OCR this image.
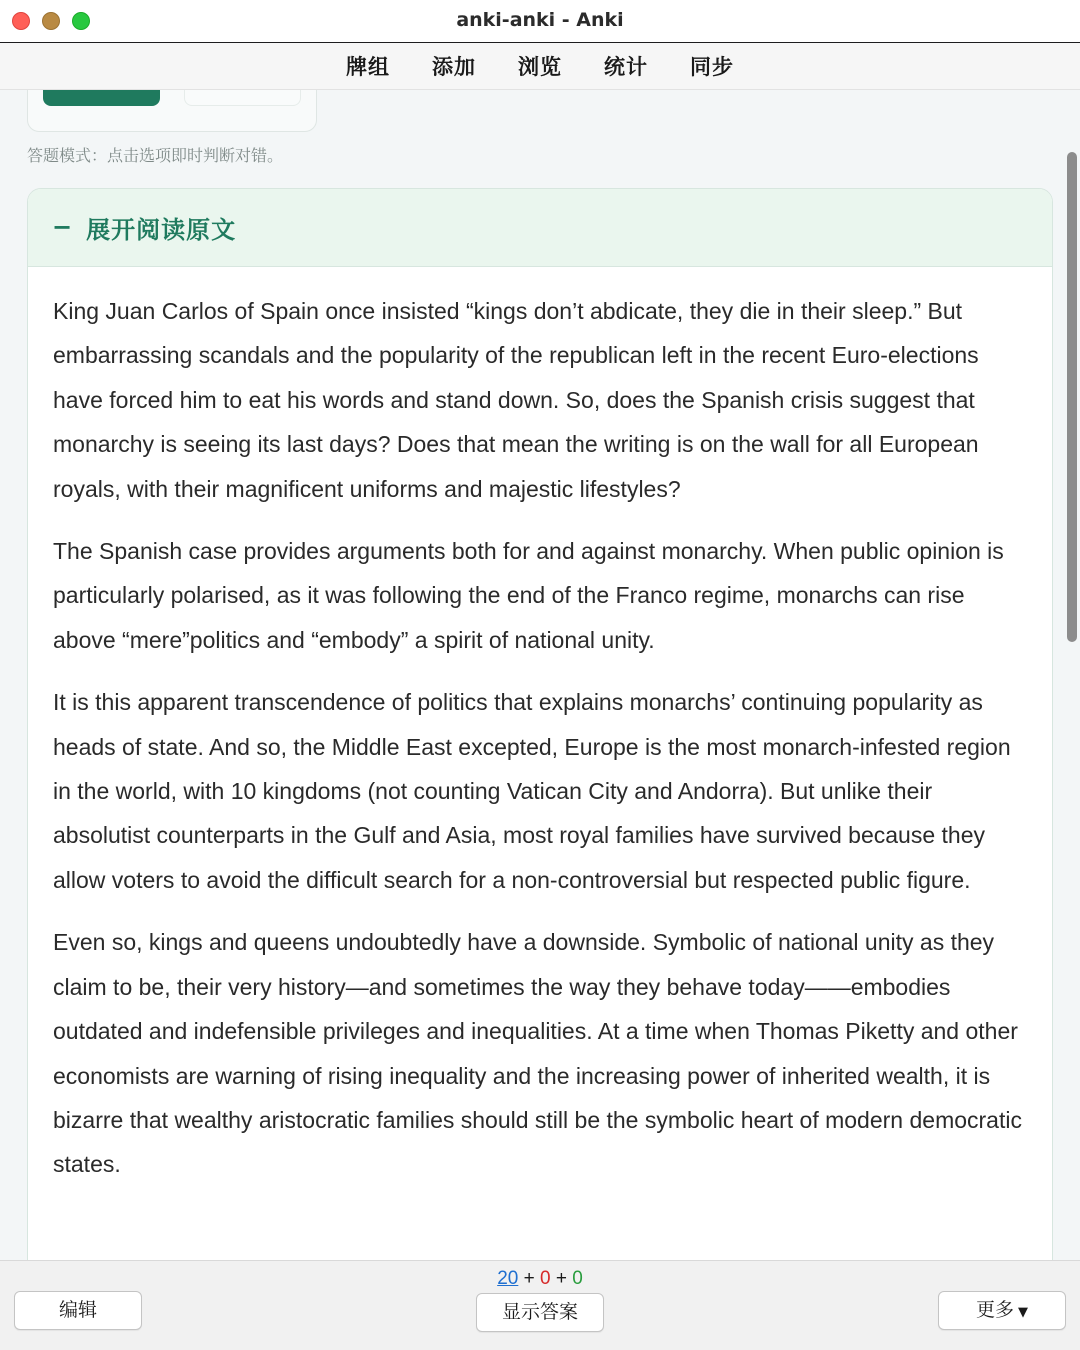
anki-anki - Anki
牌组	添加	浏览	统计	同步
答题模式：点击选项即时判断对错。
− 展开阅读原文

King Juan Carlos of Spain once insisted “kings don’t abdicate, they die in their sleep.” But embarrassing scandals and the popularity of the republican left in the recent Euro-elections have forced him to eat his words and stand down. So, does the Spanish crisis suggest that monarchy is seeing its last days? Does that mean the writing is on the wall for all European royals, with their magnificent uniforms and majestic lifestyles?

The Spanish case provides arguments both for and against monarchy. When public opinion is particularly polarised, as it was following the end of the Franco regime, monarchs can rise above “mere”politics and “embody” a spirit of national unity.

It is this apparent transcendence of politics that explains monarchs’ continuing popularity as heads of state. And so, the Middle East excepted, Europe is the most monarch-infested region in the world, with 10 kingdoms (not counting Vatican City and Andorra). But unlike their absolutist counterparts in the Gulf and Asia, most royal families have survived because they allow voters to avoid the difficult search for a non-controversial but respected public figure.

Even so, kings and queens undoubtedly have a downside. Symbolic of national unity as they claim to be, their very history—and sometimes the way they behave today——embodies outdated and indefensible privileges and inequalities. At a time when Thomas Piketty and other economists are warning of rising inequality and the increasing power of inherited wealth, it is bizarre that wealthy aristocratic families should still be the symbolic heart of modern democratic states.

20 + 0 + 0
编辑	显示答案	更多 ▼
